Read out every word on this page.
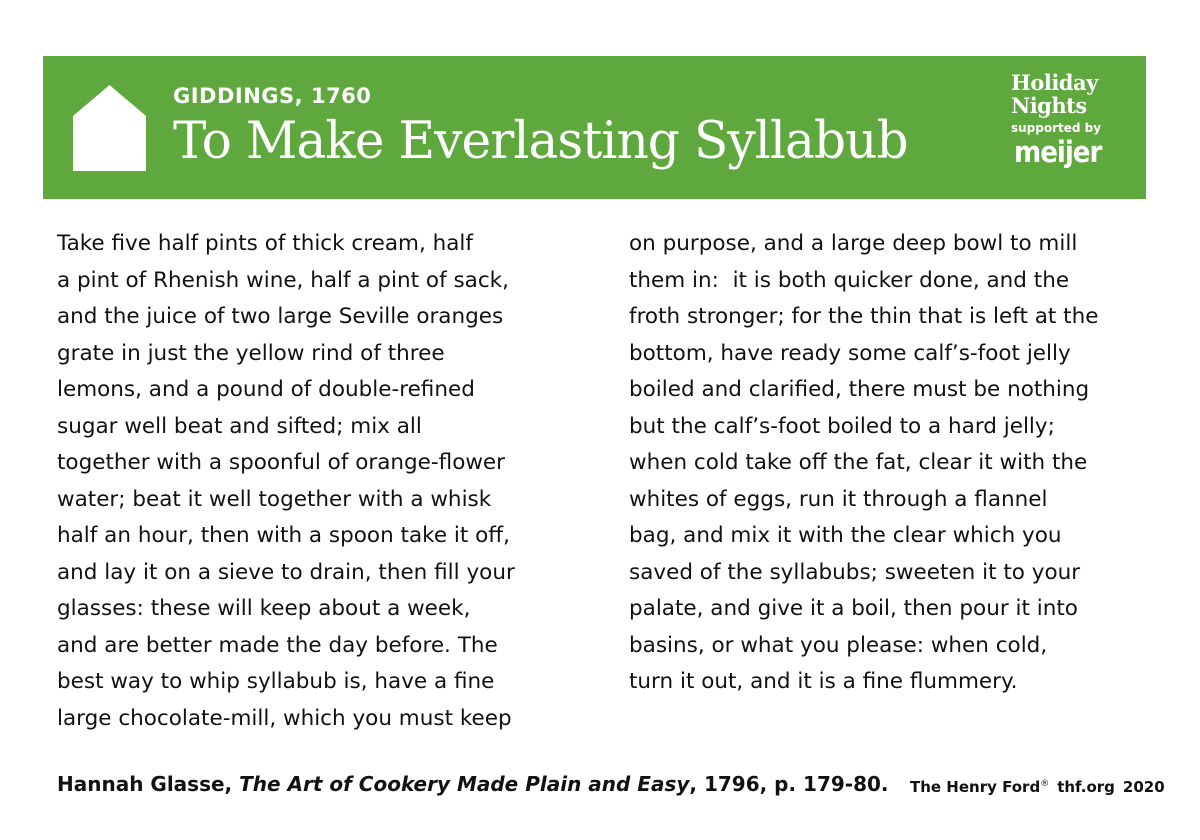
GIDDINGS, 1760
To Make Everlasting Syllabub
Holiday
Nights
supported by
meijer
Take five half pints of thick cream, half
a pint of Rhenish wine, half a pint of sack,
and the juice of two large Seville oranges
grate in just the yellow rind of three
lemons, and a pound of double-refined
sugar well beat and sifted; mix all
together with a spoonful of orange-flower
water; beat it well together with a whisk
half an hour, then with a spoon take it off,
and lay it on a sieve to drain, then fill your
glasses: these will keep about a week,
and are better made the day before. The
best way to whip syllabub is, have a fine
large chocolate-mill, which you must keep
on purpose, and a large deep bowl to mill
them in:  it is both quicker done, and the
froth stronger; for the thin that is left at the
bottom, have ready some calf’s-foot jelly
boiled and clarified, there must be nothing
but the calf’s-foot boiled to a hard jelly;
when cold take off the fat, clear it with the
whites of eggs, run it through a flannel
bag, and mix it with the clear which you
saved of the syllabubs; sweeten it to your
palate, and give it a boil, then pour it into
basins, or what you please: when cold,
turn it out, and it is a fine flummery.
Hannah Glasse, The Art of Cookery Made Plain and Easy, 1796, p. 179-80. The Henry Ford® thf.org 2020
